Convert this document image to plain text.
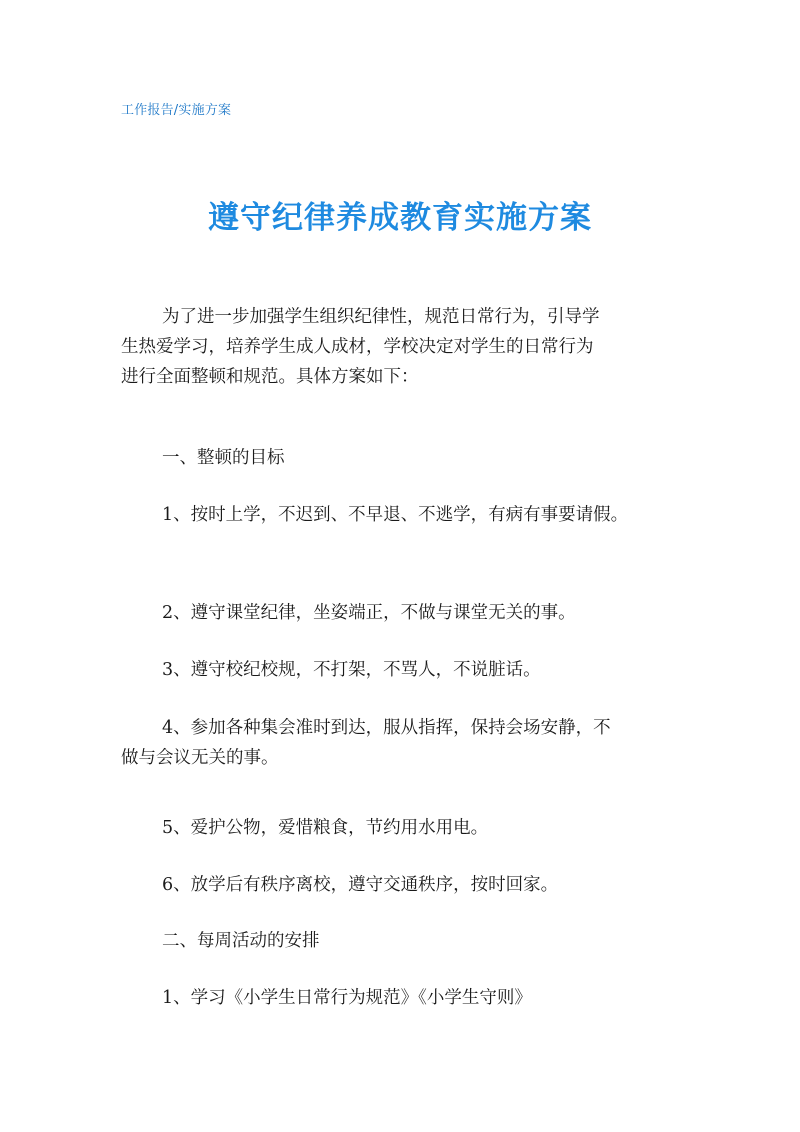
工作报告/实施方案
遵守纪律养成教育实施方案
为了进一步加强学生组织纪律性，规范日常行为，引导学
生热爱学习，培养学生成人成材，学校决定对学生的日常行为
进行全面整顿和规范。具体方案如下：
一、整顿的目标
1、按时上学，不迟到、不早退、不逃学，有病有事要请假。
2、遵守课堂纪律，坐姿端正，不做与课堂无关的事。
3、遵守校纪校规，不打架，不骂人，不说脏话。
4、参加各种集会准时到达，服从指挥，保持会场安静，不
做与会议无关的事。
5、爱护公物，爱惜粮食，节约用水用电。
6、放学后有秩序离校，遵守交通秩序，按时回家。
二、每周活动的安排
1、学习《小学生日常行为规范》《小学生守则》
